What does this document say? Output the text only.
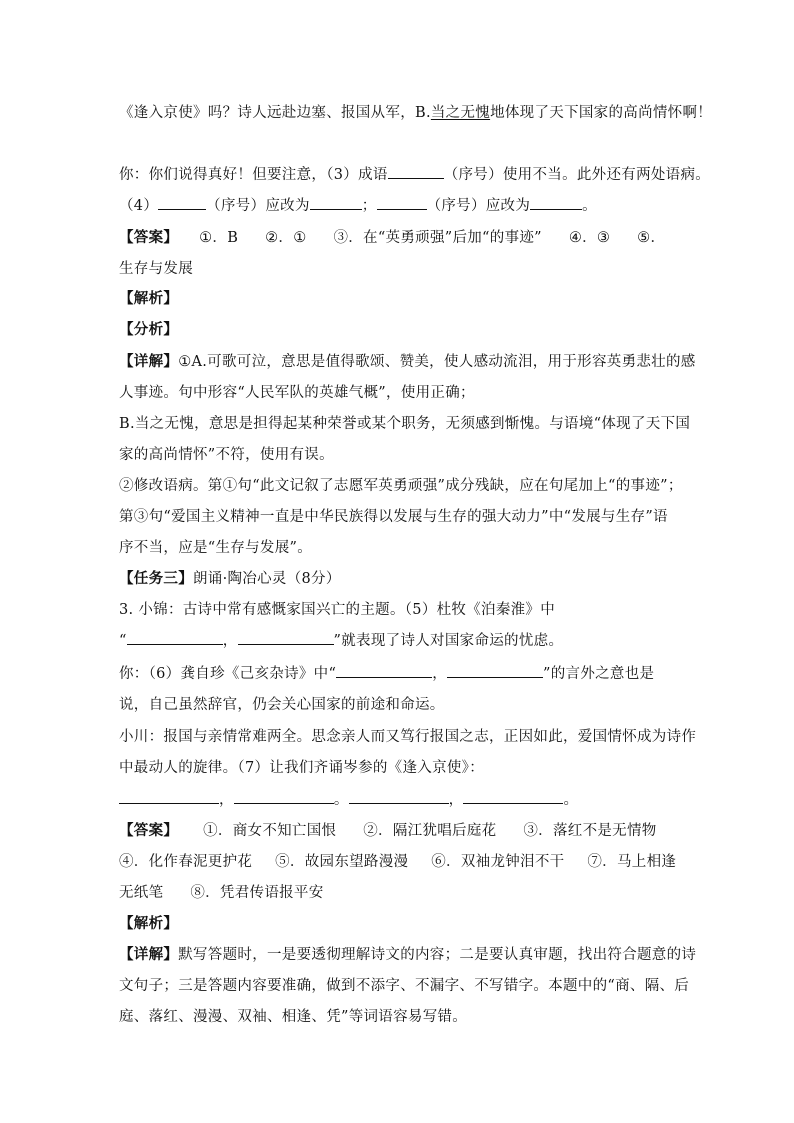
《逢入京使》吗？诗人远赴边塞、报国从军，B.当之无愧地体现了天下国家的高尚情怀啊！
你：你们说得真好！但要注意，（3）成语	（序号）使用不当。此外还有两处语病。
（4）	（序号）应改为	；	（序号）应改为	。
【答案】 ①．B ②．① ③．在“英勇顽强”后加“的事迹” ④．③ ⑤．
生存与发展
【解析】
【分析】
【详解】①A.可歌可泣，意思是值得歌颂、赞美，使人感动流泪，用于形容英勇悲壮的感
人事迹。句中形容“人民军队的英雄气概”，使用正确；
B.当之无愧，意思是担得起某种荣誉或某个职务，无须感到惭愧。与语境“体现了天下国
家的高尚情怀”不符，使用有误。
②修改语病。第①句“此文记叙了志愿军英勇顽强”成分残缺，应在句尾加上“的事迹”；
第③句“爱国主义精神一直是中华民族得以发展与生存的强大动力”中“发展与生存”语
序不当，应是“生存与发展”。
【任务三】朗诵·陶冶心灵（8分）
3. 小锦：古诗中常有感慨家国兴亡的主题。（5）杜牧《泊秦淮》中
“	，	”就表现了诗人对国家命运的忧虑。
你：（6）龚自珍《己亥杂诗》中“	，	”的言外之意也是
说，自己虽然辞官，仍会关心国家的前途和命运。
小川：报国与亲情常难两全。思念亲人而又笃行报国之志，正因如此，爱国情怀成为诗作
中最动人的旋律。（7）让我们齐诵岑参的《逢入京使》：
，	。	，	。
【答案】 ①．商女不知亡国恨 ②．隔江犹唱后庭花 ③．落红不是无情物
④．化作春泥更护花 ⑤．故园东望路漫漫 ⑥．双袖龙钟泪不干 ⑦．马上相逢
无纸笔 ⑧．凭君传语报平安
【解析】
【详解】默写答题时，一是要透彻理解诗文的内容；二是要认真审题，找出符合题意的诗
文句子；三是答题内容要准确，做到不添字、不漏字、不写错字。本题中的“商、隔、后
庭、落红、漫漫、双袖、相逢、凭”等词语容易写错。
